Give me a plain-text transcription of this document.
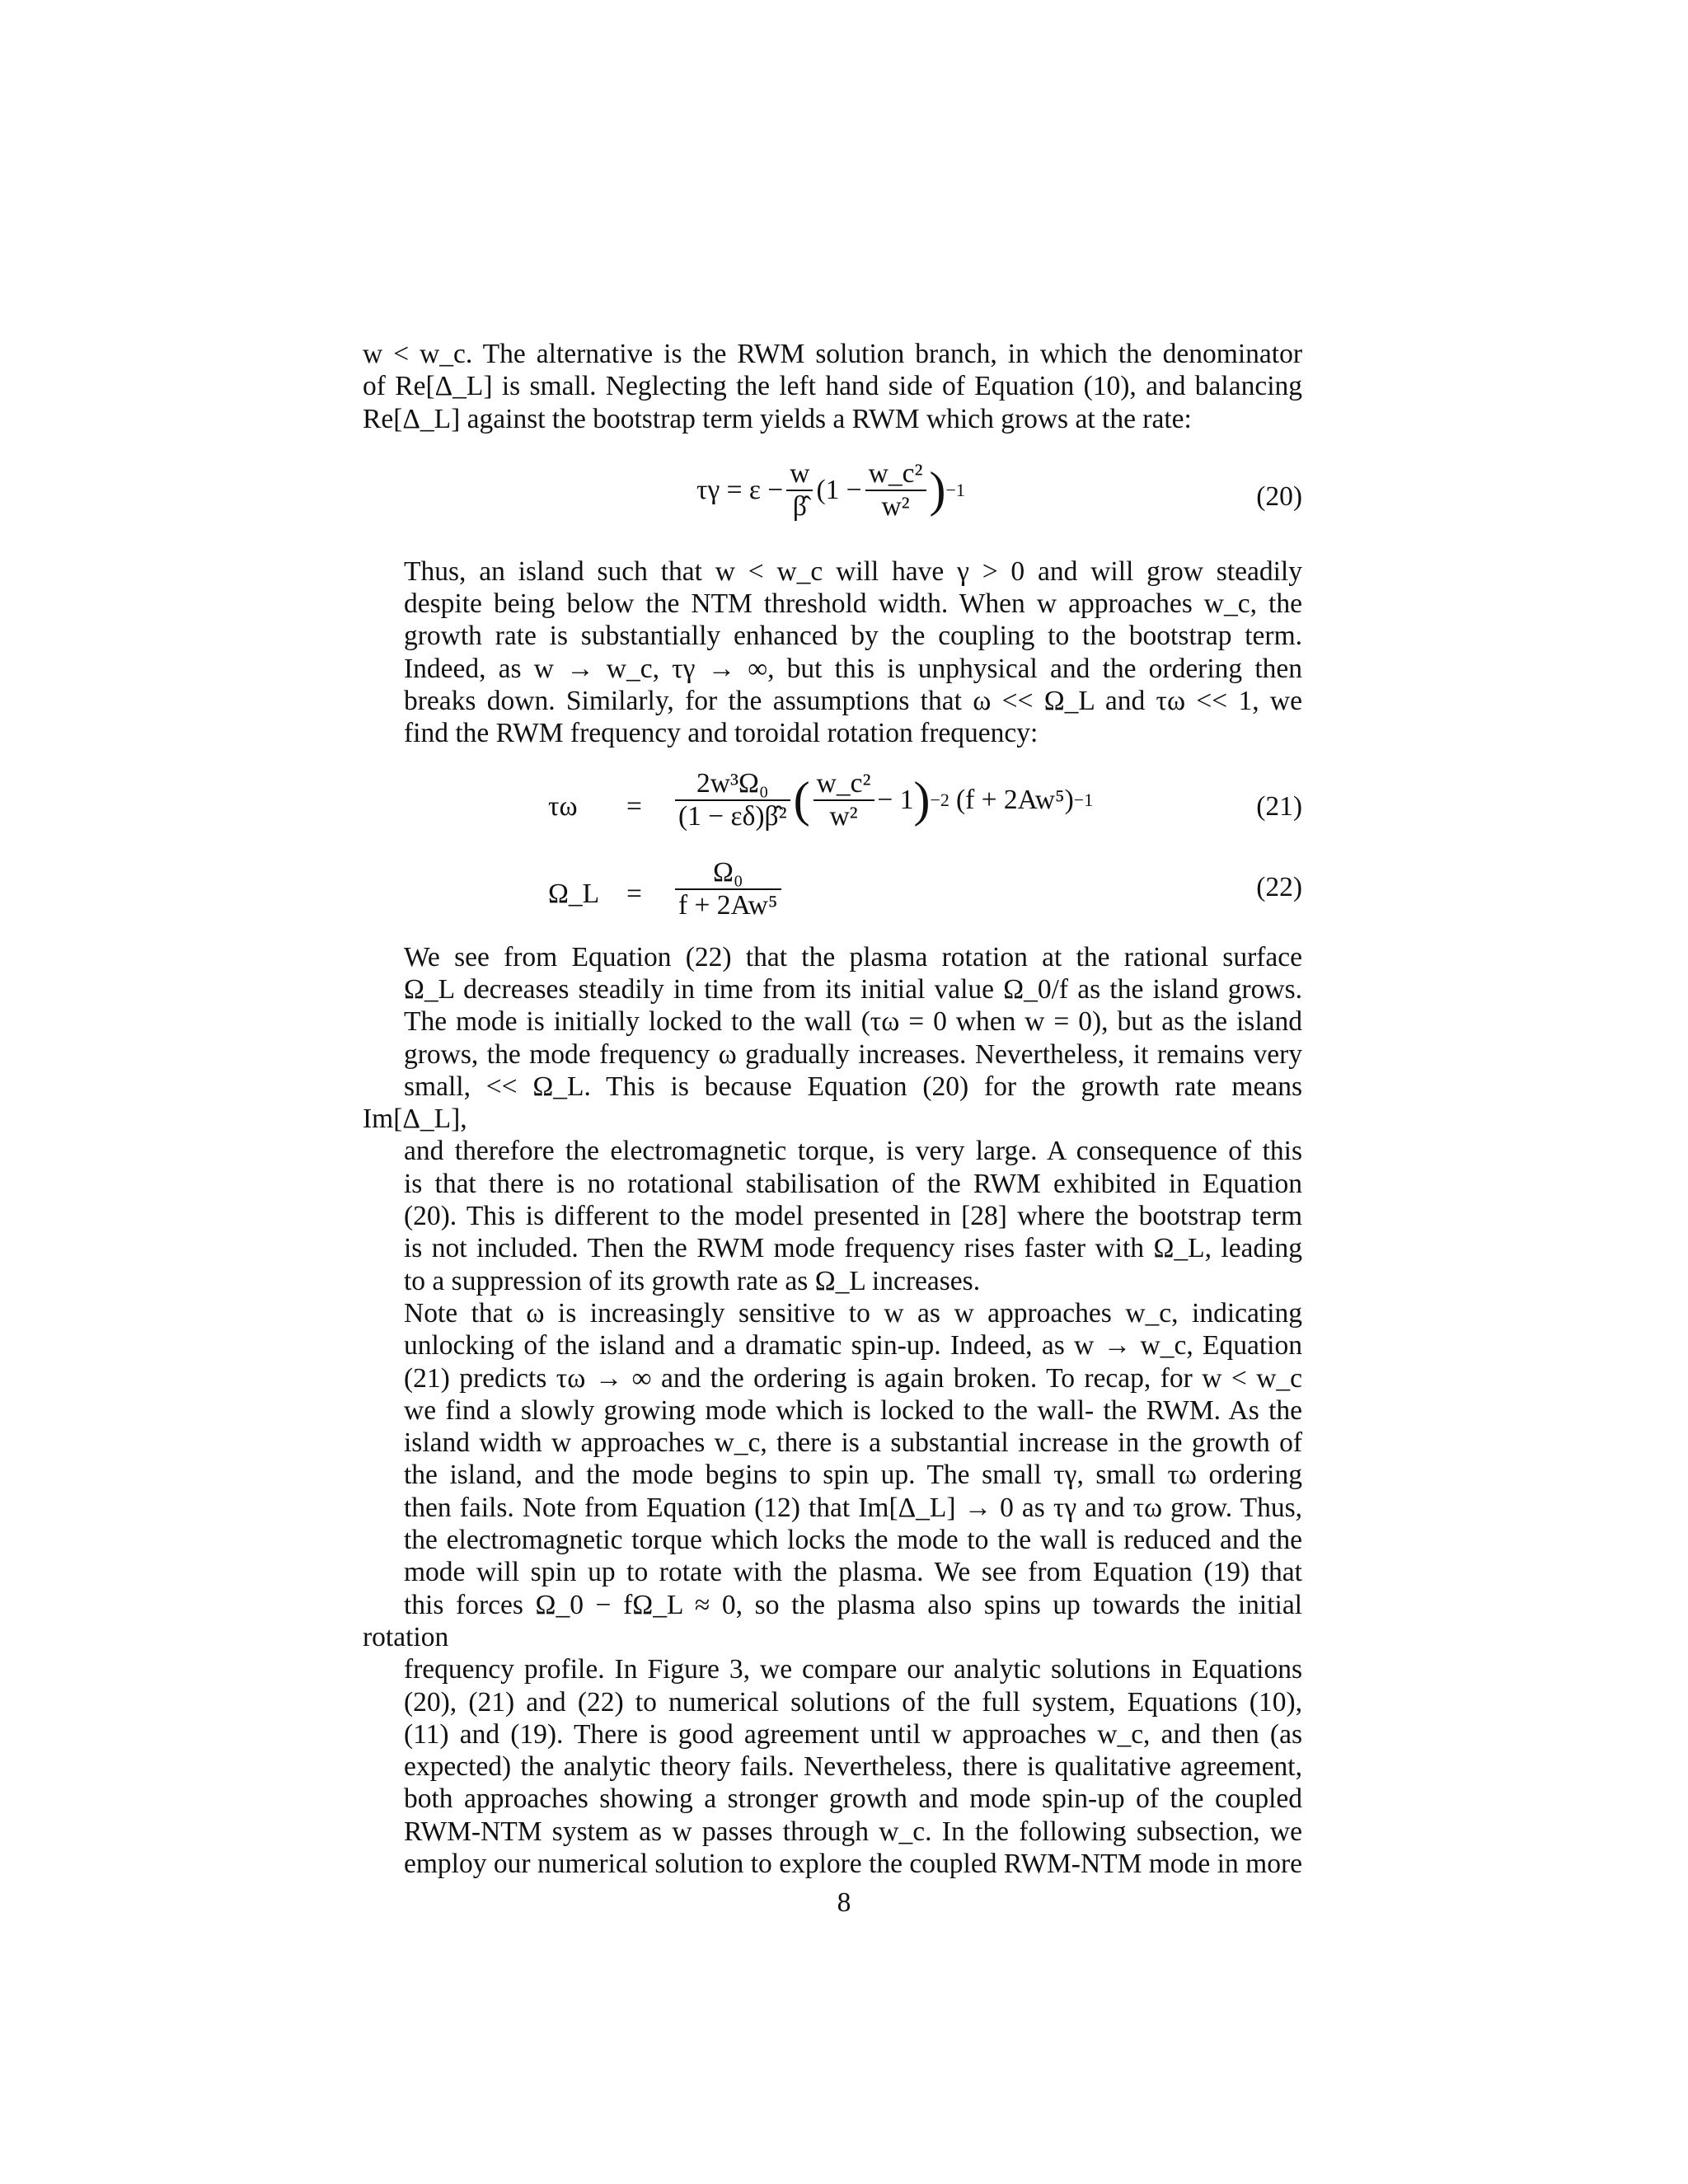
w < w_c. The alternative is the RWM solution branch, in which the denominator
of Re[Δ_L] is small. Neglecting the left hand side of Equation (10), and balancing
Re[Δ_L] against the bootstrap term yields a RWM which grows at the rate:

$\tau\gamma = \varepsilon - \frac{w}{\betâ} (1 - \frac{\text{w\_c²}}{\text{w²}}$ ) −1	(20)

Thus, an island such that w < w_c will have γ > 0 and will grow steadily
despite being below the NTM threshold width. When w approaches w_c, the
growth rate is substantially enhanced by the coupling to the bootstrap term.
Indeed, as w → w_c, τγ → ∞, but this is unphysical and the ordering then
breaks down. Similarly, for the assumptions that ω << Ω_L and τω << 1, we
find the RWM frequency and toroidal rotation frequency:

$\tau\omega = \frac{\text{2w³Ω₀}}{\text{(1 − εδ)β̂²}}$ ( $\frac{\text{w\_c²}}{\text{w²}} - 1$ ) −2 (f + 2Aw⁵) −1	(21)
Ω_L = $\frac{\text{Ω₀}}{\text{f + 2Aw⁵}}$	(22)

We see from Equation (22) that the plasma rotation at the rational surface
Ω_L decreases steadily in time from its initial value Ω_0/f as the island grows.
The mode is initially locked to the wall (τω = 0 when w = 0), but as the island
grows, the mode frequency ω gradually increases. Nevertheless, it remains very
small, << Ω_L. This is because Equation (20) for the growth rate means Im[Δ_L],
and therefore the electromagnetic torque, is very large. A consequence of this
is that there is no rotational stabilisation of the RWM exhibited in Equation
(20). This is different to the model presented in [28] where the bootstrap term
is not included. Then the RWM mode frequency rises faster with Ω_L, leading
to a suppression of its growth rate as Ω_L increases.

Note that ω is increasingly sensitive to w as w approaches w_c, indicating
unlocking of the island and a dramatic spin-up. Indeed, as w → w_c, Equation
(21) predicts τω → ∞ and the ordering is again broken. To recap, for w < w_c
we find a slowly growing mode which is locked to the wall- the RWM. As the
island width w approaches w_c, there is a substantial increase in the growth of
the island, and the mode begins to spin up. The small τγ, small τω ordering
then fails. Note from Equation (12) that Im[Δ_L] → 0 as τγ and τω grow. Thus,
the electromagnetic torque which locks the mode to the wall is reduced and the
mode will spin up to rotate with the plasma. We see from Equation (19) that
this forces Ω_0 − fΩ_L ≈ 0, so the plasma also spins up towards the initial rotation
frequency profile. In Figure 3, we compare our analytic solutions in Equations
(20), (21) and (22) to numerical solutions of the full system, Equations (10),
(11) and (19). There is good agreement until w approaches w_c, and then (as
expected) the analytic theory fails. Nevertheless, there is qualitative agreement,
both approaches showing a stronger growth and mode spin-up of the coupled
RWM-NTM system as w passes through w_c. In the following subsection, we
employ our numerical solution to explore the coupled RWM-NTM mode in more

8
